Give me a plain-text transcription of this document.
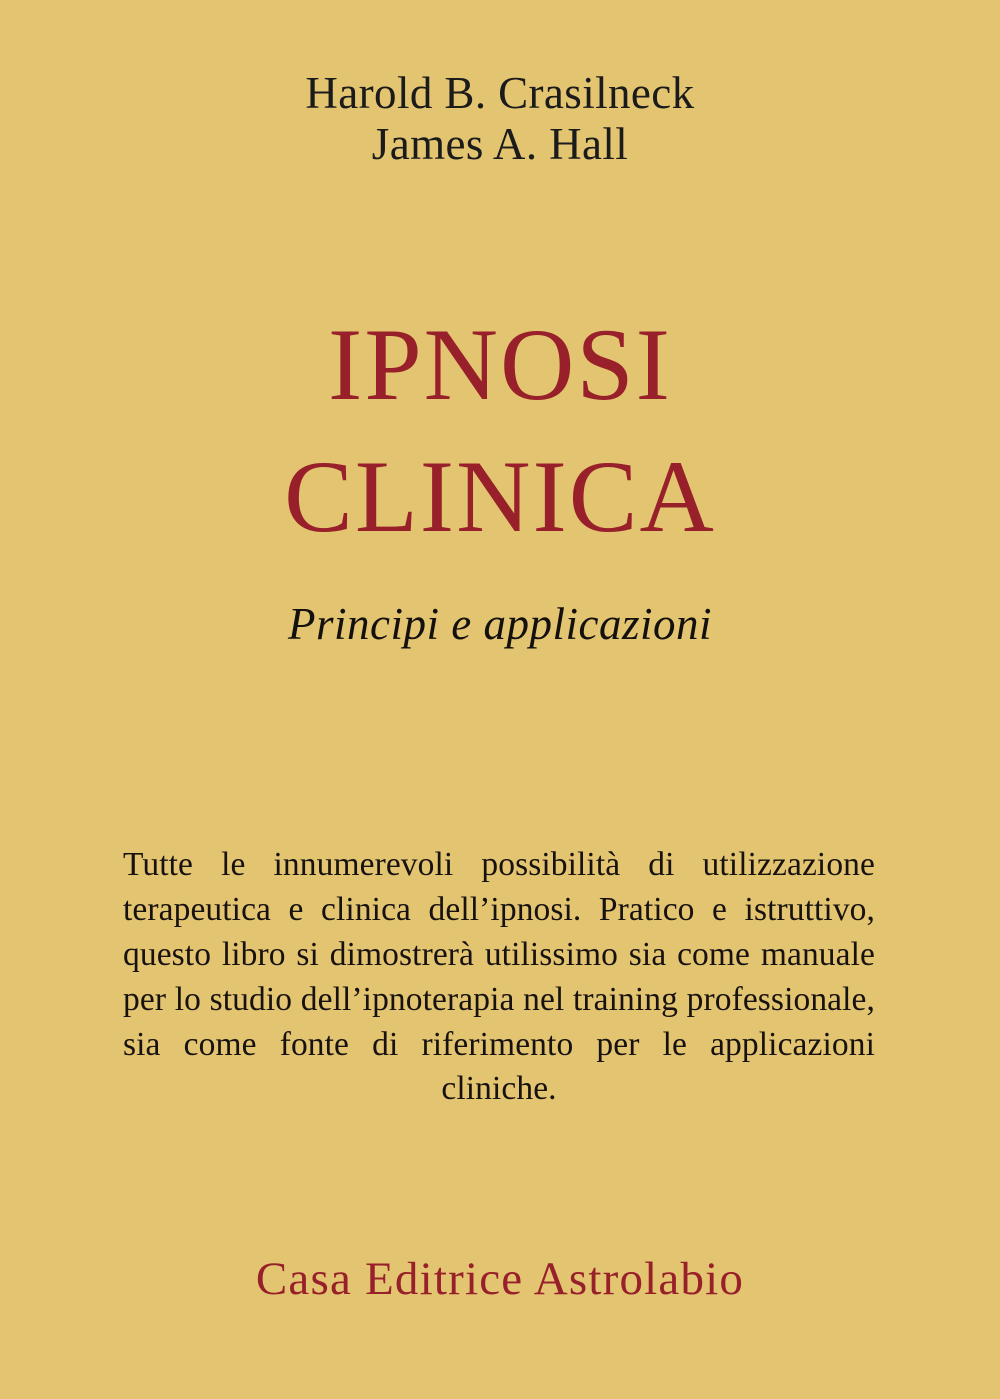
Harold B. Crasilneck
James A. Hall
IPNOSI
CLINICA
Principi e applicazioni
Tutte le innumerevoli possibilità di utilizzazione terapeutica e clinica dell’ipnosi. Pratico e istruttivo, questo libro si dimostrerà utilissimo sia come manuale per lo studio dell’ipnoterapia nel training professionale, sia come fonte di riferimento per le applicazioni cliniche.
Casa Editrice Astrolabio
